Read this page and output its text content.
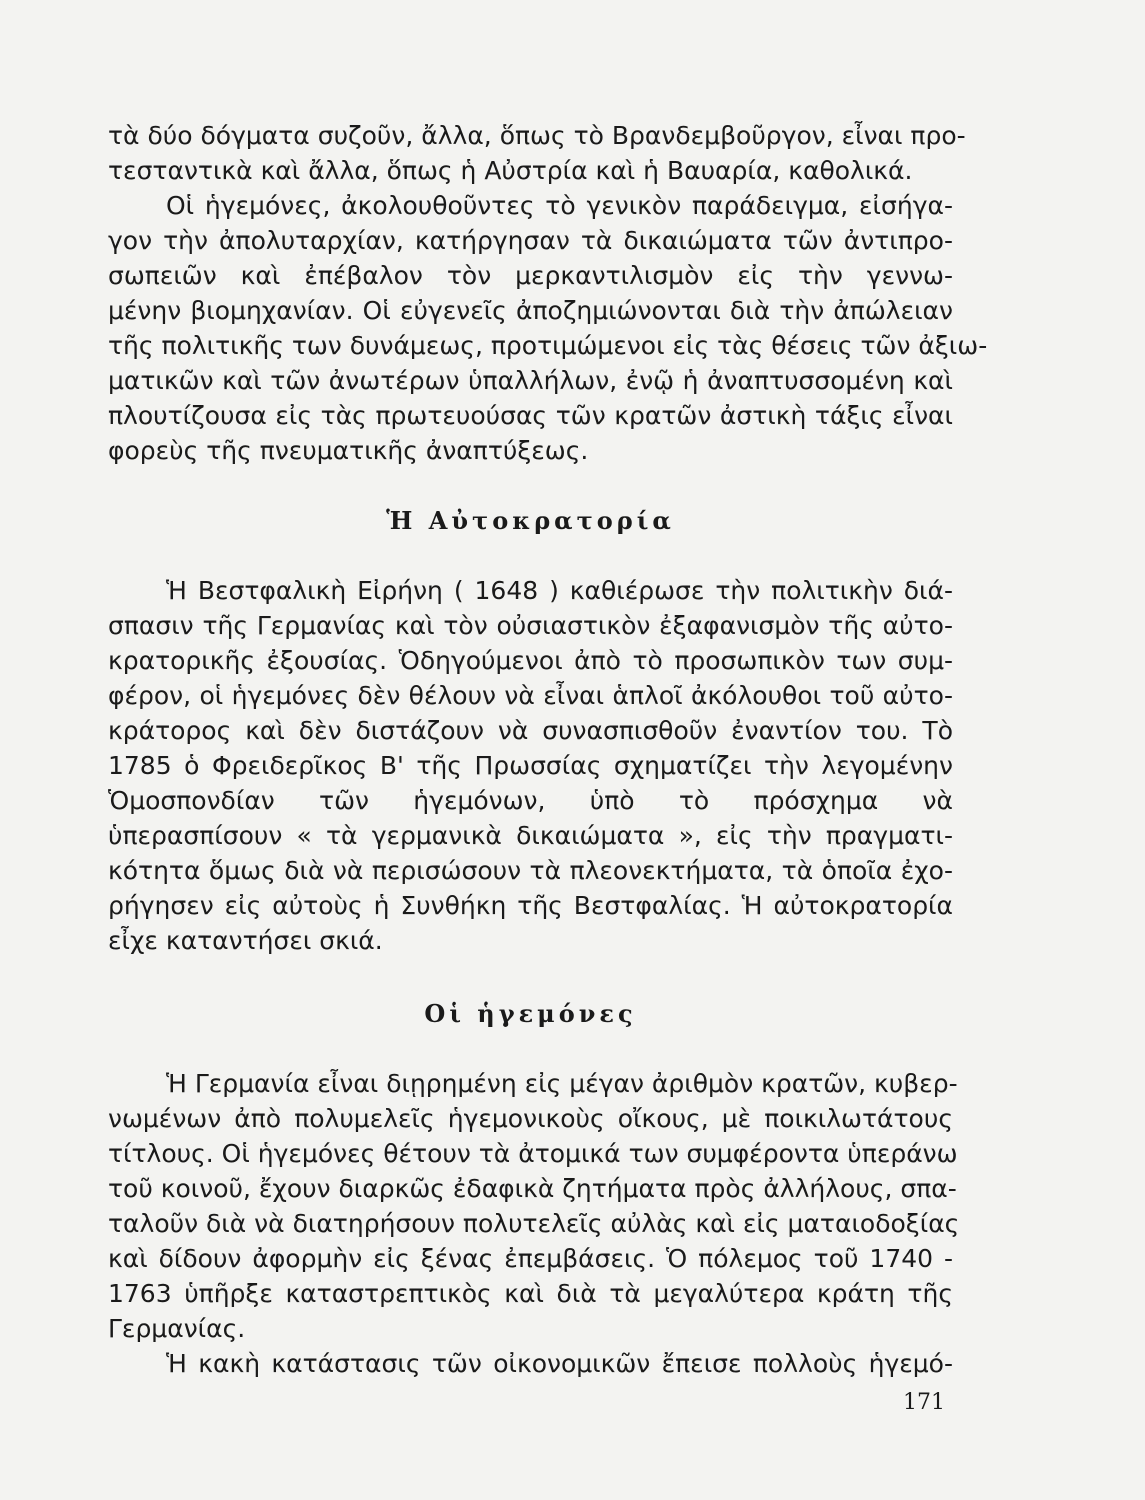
τὰ δύο δόγματα συζοῦν, ἄλλα, ὅπως τὸ Βρανδεμβοῦργον, εἶναι προ-
τεσταντικὰ καὶ ἄλλα, ὅπως ἡ Αὐστρία καὶ ἡ Βαυαρία, καθολικά.
Οἱ ἡγεμόνες, ἀκολουθοῦντες τὸ γενικὸν παράδειγμα, εἰσήγα-
γον τὴν ἀπολυταρχίαν, κατήργησαν τὰ δικαιώματα τῶν ἀντιπρο-
σωπειῶν καὶ ἐπέβαλον τὸν μερκαντιλισμὸν εἰς τὴν γεννω-
μένην βιομηχανίαν. Οἱ εὐγενεῖς ἀποζημιώνονται διὰ τὴν ἀπώλειαν
τῆς πολιτικῆς των δυνάμεως, προτιμώμενοι εἰς τὰς θέσεις τῶν ἀξιω-
ματικῶν καὶ τῶν ἀνωτέρων ὑπαλλήλων, ἐνῷ ἡ ἀναπτυσσομένη καὶ
πλουτίζουσα εἰς τὰς πρωτευούσας τῶν κρατῶν ἀστικὴ τάξις εἶναι
φορεὺς τῆς πνευματικῆς ἀναπτύξεως.
Ἡ Αὐτοκρατορία
Ἡ Βεστφαλικὴ Εἰρήνη ( 1648 ) καθιέρωσε τὴν πολιτικὴν διά-
σπασιν τῆς Γερμανίας καὶ τὸν οὐσιαστικὸν ἐξαφανισμὸν τῆς αὐτο-
κρατορικῆς ἐξουσίας. Ὁδηγούμενοι ἀπὸ τὸ προσωπικὸν των συμ-
φέρον, οἱ ἡγεμόνες δὲν θέλουν νὰ εἶναι ἁπλοῖ ἀκόλουθοι τοῦ αὐτο-
κράτορος καὶ δὲν διστάζουν νὰ συνασπισθοῦν ἐναντίον του. Τὸ
1785 ὁ Φρειδερῖκος Β' τῆς Πρωσσίας σχηματίζει τὴν λεγομένην
Ὁμοσπονδίαν τῶν ἡγεμόνων, ὑπὸ τὸ πρόσχημα νὰ
ὑπερασπίσουν « τὰ γερμανικὰ δικαιώματα », εἰς τὴν πραγματι-
κότητα ὅμως διὰ νὰ περισώσουν τὰ πλεονεκτήματα, τὰ ὁποῖα ἐχο-
ρήγησεν εἰς αὐτοὺς ἡ Συνθήκη τῆς Βεστφαλίας. Ἡ αὐτοκρατορία
εἶχε καταντήσει σκιά.
Οἱ ἡγεμόνες
Ἡ Γερμανία εἶναι διῃρημένη εἰς μέγαν ἀριθμὸν κρατῶν, κυβερ-
νωμένων ἀπὸ πολυμελεῖς ἡγεμονικοὺς οἴκους, μὲ ποικιλωτάτους
τίτλους. Οἱ ἡγεμόνες θέτουν τὰ ἀτομικά των συμφέροντα ὑπεράνω
τοῦ κοινοῦ, ἔχουν διαρκῶς ἐδαφικὰ ζητήματα πρὸς ἀλλήλους, σπα-
ταλοῦν διὰ νὰ διατηρήσουν πολυτελεῖς αὐλὰς καὶ εἰς ματαιοδοξίας
καὶ δίδουν ἀφορμὴν εἰς ξένας ἐπεμβάσεις. Ὁ πόλεμος τοῦ 1740 -
1763 ὑπῆρξε καταστρεπτικὸς καὶ διὰ τὰ μεγαλύτερα κράτη τῆς
Γερμανίας.
Ἡ κακὴ κατάστασις τῶν οἰκονομικῶν ἔπεισε πολλοὺς ἡγεμό-
171
